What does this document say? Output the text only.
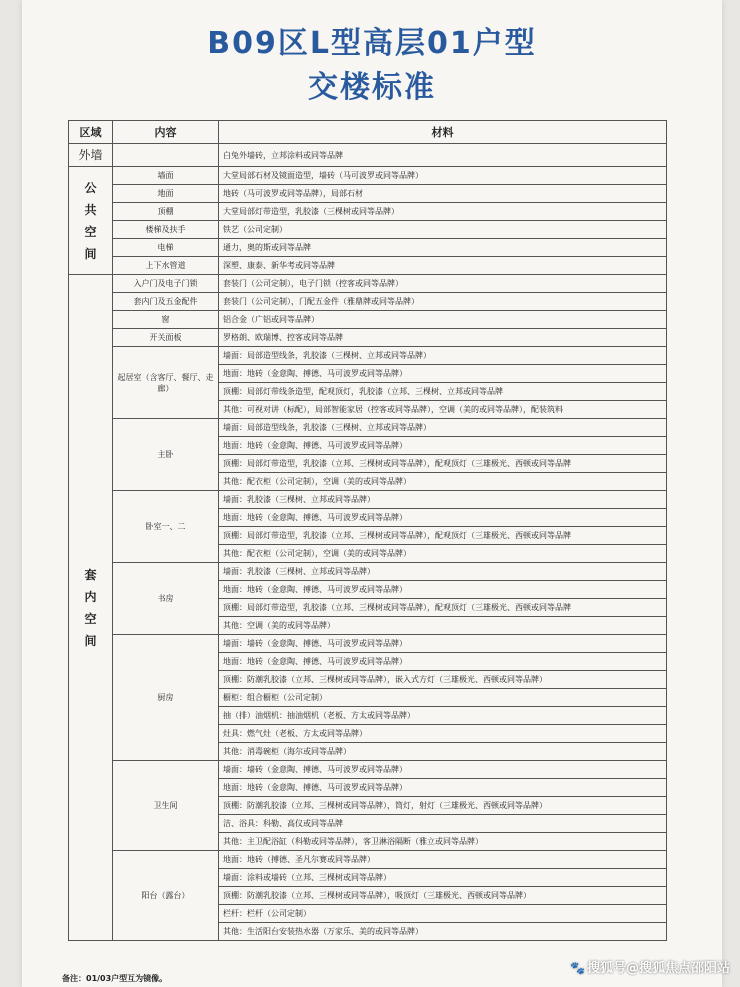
B09区L型高层01户型
交楼标准
区域	内容	材料

外墙		白兔外墙砖，立邦涂料或同等品牌

公共空间	墙面	大堂局部石材及镜面造型，墙砖（马可波罗或同等品牌）
	地面	地砖（马可波罗或同等品牌），局部石材
	顶棚	大堂局部灯带造型，乳胶漆（三棵树或同等品牌）
	楼梯及扶手	铁艺（公司定制）
	电梯	通力，奥的斯或同等品牌
	上下水管道	深塑、康泰、新华考或同等品牌

套内空间	入户门及电子门锁	套装门（公司定制），电子门锁（控客或同等品牌）
	套内门及五金配件	套装门（公司定制），门配五金件（雅鼎牌或同等品牌）
	窗	铝合金（广铝或同等品牌）
	开关面板	罗格朗、欧瑞博、控客或同等品牌
	起居室（含客厅、餐厅、走廊）	墙面：局部造型线条，乳胶漆（三棵树、立邦或同等品牌）
		地面：地砖（金意陶、搏德、马可波罗或同等品牌）
		顶棚：局部灯带线条造型，配观顶灯，乳胶漆（立邦、三棵树、立邦或同等品牌
		其他：可视对讲（标配），局部智能家居（控客或同等品牌），空调（美的或同等品牌），配装筑料
	主卧	墙面：局部造型线条，乳胶漆（三棵树、立邦或同等品牌）
		地面：地砖（金意陶、搏德、马可波罗或同等品牌）
		顶棚：局部灯带造型，乳胶漆（立邦、三棵树或同等品牌），配观顶灯（三雄极光、西顿或同等品牌
		其他：配衣柜（公司定制），空调（美的或同等品牌）
	卧室一、二	墙面：乳胶漆（三棵树、立邦或同等品牌）
		地面：地砖（金意陶、搏德、马可波罗或同等品牌）
		顶棚：局部灯带造型，乳胶漆（立邦、三棵树或同等品牌），配观顶灯（三雄极光、西顿或同等品牌
		其他：配衣柜（公司定制），空调（美的或同等品牌）
	书房	墙面：乳胶漆（三棵树、立邦或同等品牌）
		地面：地砖（金意陶、搏德、马可波罗或同等品牌）
		顶棚：局部灯带造型，乳胶漆（立邦、三棵树或同等品牌），配观顶灯（三雄极光、西顿或同等品牌
		其他：空调（美的或同等品牌）
	厨房	墙面：墙砖（金意陶、搏德、马可波罗或同等品牌）
		地面：地砖（金意陶、搏德、马可波罗或同等品牌）
		顶棚：防潮乳胶漆（立邦、三棵树或同等品牌），嵌入式方灯（三雄极光、西顿或同等品牌）
		橱柜：组合橱柜（公司定制）
		抽（排）油烟机：抽油烟机（老板、方太或同等品牌）
		灶具：燃气灶（老板、方太或同等品牌）
		其他：消毒碗柜（海尔或同等品牌）
	卫生间	墙面：墙砖（金意陶、搏德、马可波罗或同等品牌）
		地面：地砖（金意陶、搏德、马可波罗或同等品牌）
		顶棚：防潮乳胶漆（立邦、三棵树或同等品牌），筒灯，射灯（三雄极光、西顿或同等品牌）
		洁、浴具：科勒、高仪或同等品牌
		其他：主卫配浴缸（科勒或同等品牌），客卫淋浴隔断（雅立或同等品牌）
	阳台（露台）	地面：地砖（搏德、圣凡尔赛或同等品牌）
		墙面：涂料或墙砖（立邦、三棵树或同等品牌）
		顶棚：防潮乳胶漆（立邦、三棵树或同等品牌），吸顶灯（三雄极光、西顿或同等品牌）
		栏杆：栏杆（公司定制）
		其他：生活阳台安装热水器（万家乐、美的或同等品牌）
备注：01/03户型互为镜像。
🐾 搜狐号@搜狐焦点邵阳站
